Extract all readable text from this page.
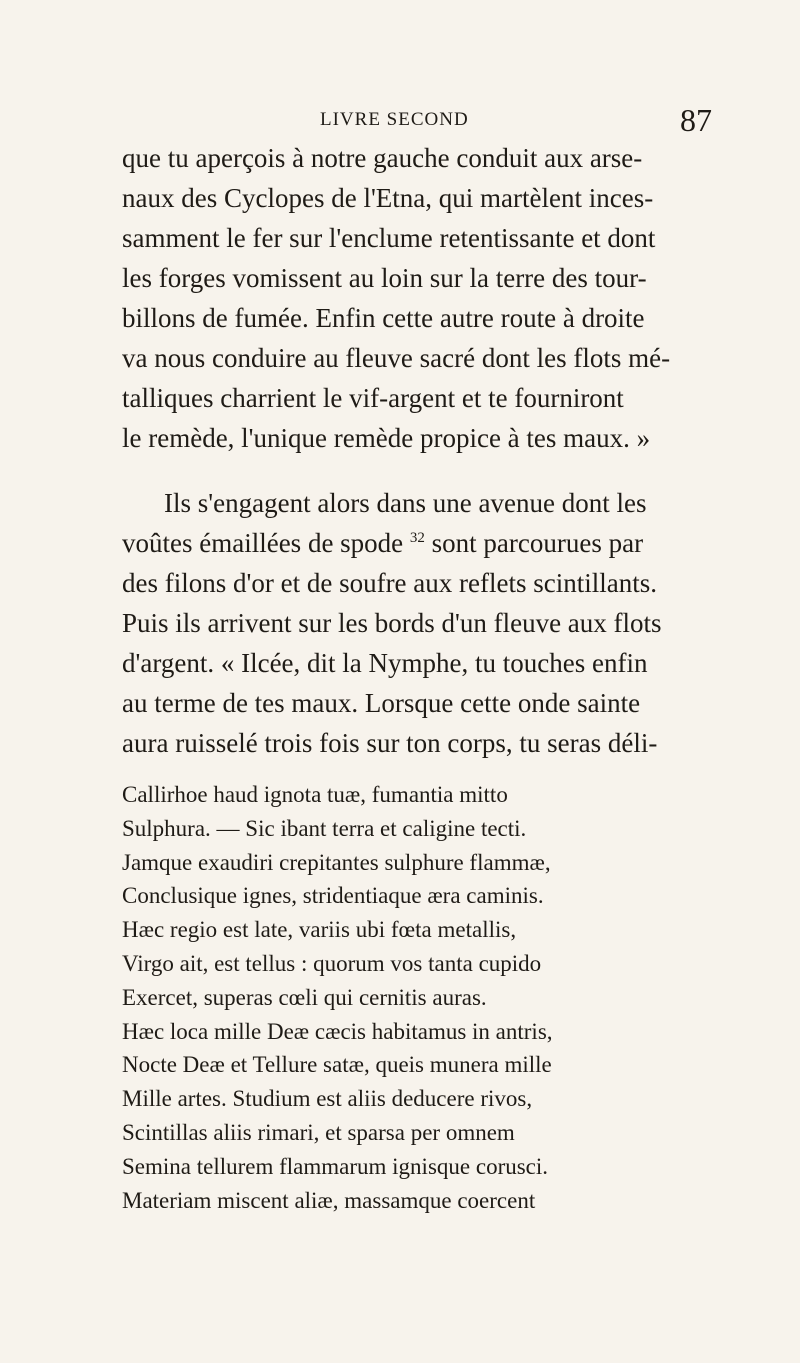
LIVRE SECOND	87

que tu aperçois à notre gauche conduit aux arse-
naux des Cyclopes de l'Etna, qui martèlent inces-
samment le fer sur l'enclume retentissante et dont
les forges vomissent au loin sur la terre des tour-
billons de fumée. Enfin cette autre route à droite
va nous conduire au fleuve sacré dont les flots mé-
talliques charrient le vif-argent et te fourniront
le remède, l'unique remède propice à tes maux. »

Ils s'engagent alors dans une avenue dont les
voûtes émaillées de spode $^{32}$ sont parcourues par
des filons d'or et de soufre aux reflets scintillants.
Puis ils arrivent sur les bords d'un fleuve aux flots
d'argent. « Ilcée, dit la Nymphe, tu touches enfin
au terme de tes maux. Lorsque cette onde sainte
aura ruisselé trois fois sur ton corps, tu seras déli-

Callirhoe haud ignota tuæ, fumantia mitto
Sulphura. — Sic ibant terra et caligine tecti.
Jamque exaudiri crepitantes sulphure flammæ,
Conclusique ignes, stridentiaque æra caminis.
Hæc regio est late, variis ubi fœta metallis,
Virgo ait, est tellus : quorum vos tanta cupido
Exercet, superas cœli qui cernitis auras.
Hæc loca mille Deæ cæcis habitamus in antris,
Nocte Deæ et Tellure satæ, queis munera mille
Mille artes. Studium est aliis deducere rivos,
Scintillas aliis rimari, et sparsa per omnem
Semina tellurem flammarum ignisque corusci.
Materiam miscent aliæ, massamque coercent
